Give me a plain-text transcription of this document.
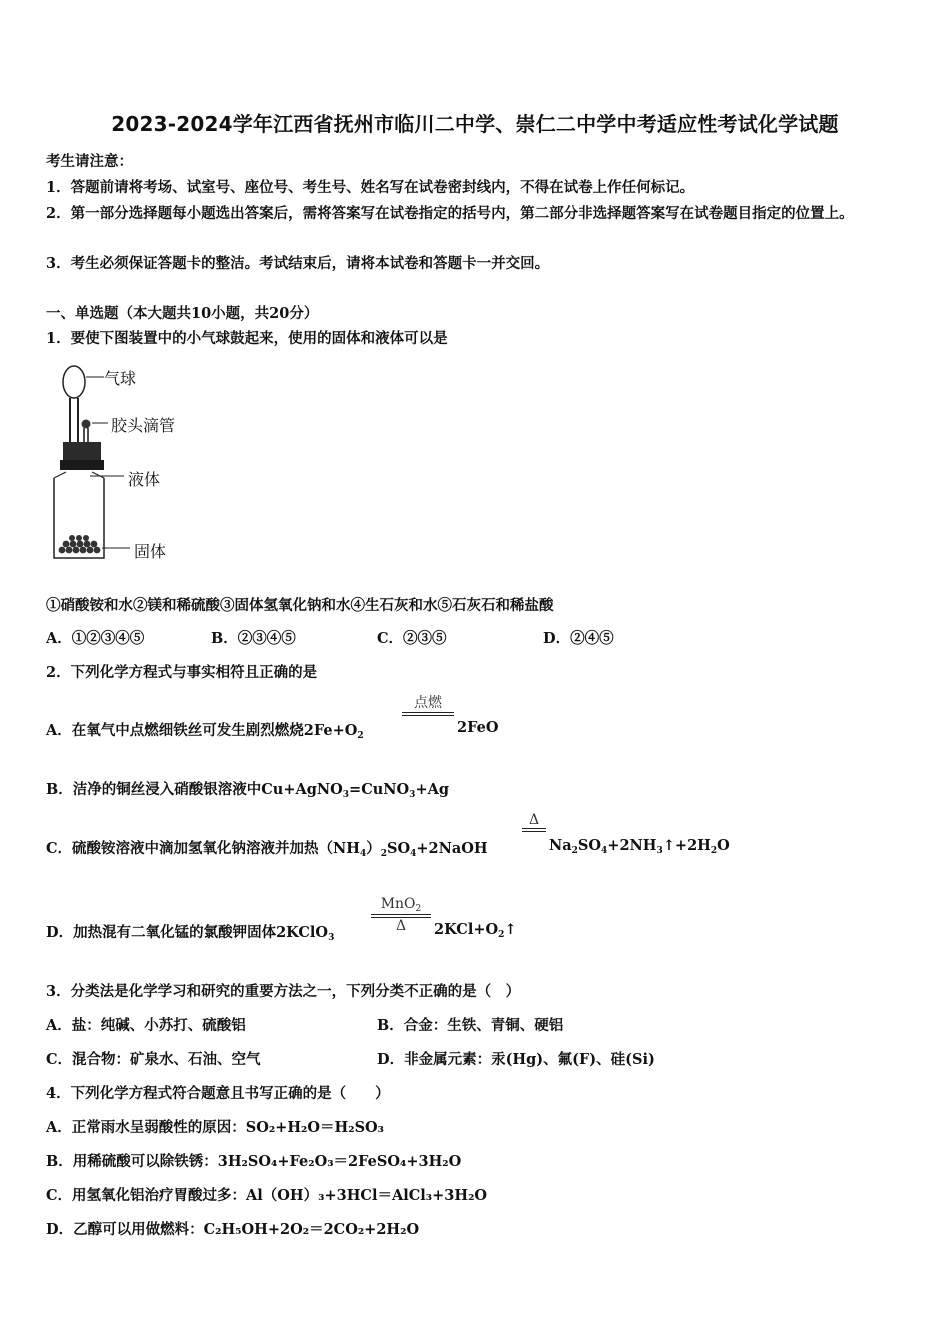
2023-2024学年江西省抚州市临川二中学、崇仁二中学中考适应性考试化学试题
考生请注意：
1．答题前请将考场、试室号、座位号、考生号、姓名写在试卷密封线内，不得在试卷上作任何标记。
2．第一部分选择题每小题选出答案后，需将答案写在试卷指定的括号内，第二部分非选择题答案写在试卷题目指定的位置上。
3．考生必须保证答题卡的整洁。考试结束后，请将本试卷和答题卡一并交回。
一、单选题（本大题共10小题，共20分）
1．要使下图装置中的小气球鼓起来，使用的固体和液体可以是
气球
胶头滴管
液体
固体
①硝酸铵和水②镁和稀硫酸③固体氢氧化钠和水④生石灰和水⑤石灰石和稀盐酸
A．①②③④⑤	B．②③④⑤	C．②③⑤	D．②④⑤
2．下列化学方程式与事实相符且正确的是
A．在氧气中点燃细铁丝可发生剧烈燃烧$2Fe+O_2$
点燃
2FeO
B．洁净的铜丝浸入硝酸银溶液中Cu+AgNO$_3$=CuNO$_3$+Ag
C．硫酸铵溶液中滴加氢氧化钠溶液并加热$(NH_4)_2SO_4+2NaOH$
Δ
$Na_2SO_4+2NH_3↑+2H_2O$
D．加热混有二氧化锰的氯酸钾固体2KClO$_3$
MnO$_2$
Δ	$2KCl+O_2↑$
3．分类法是化学学习和研究的重要方法之一，下列分类不正确的是（　）
A．盐：纯碱、小苏打、硫酸铝	B．合金：生铁、青铜、硬铝
C．混合物：矿泉水、石油、空气	D．非金属元素：汞(Hg)、氟(F)、硅(Si)
4．下列化学方程式符合题意且书写正确的是（　　）
A．正常雨水呈弱酸性的原因：SO₂+H₂O＝H₂SO₃
B．用稀硫酸可以除铁锈：3H₂SO₄+Fe₂O₃＝2FeSO₄+3H₂O
C．用氢氧化铝治疗胃酸过多：Al（OH）₃+3HCl＝AlCl₃+3H₂O
D．乙醇可以用做燃料：C₂H₅OH+2O₂＝2CO₂+2H₂O
